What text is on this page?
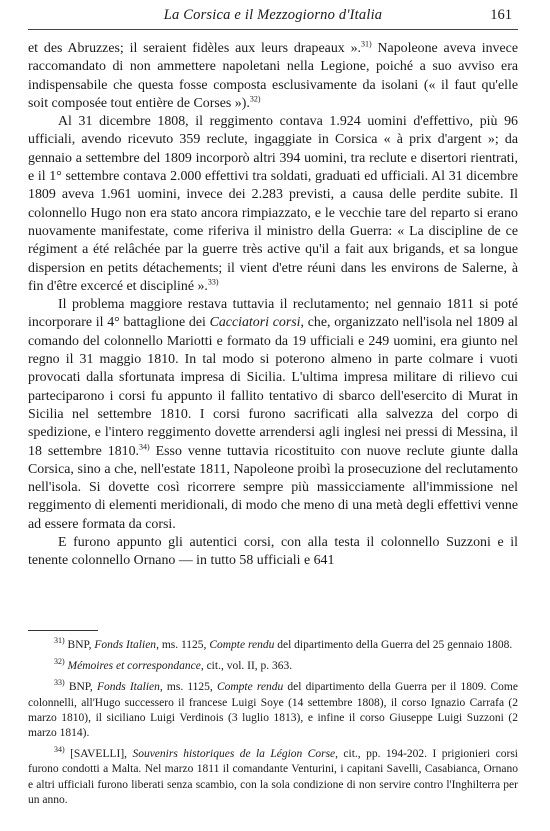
La Corsica e il Mezzogiorno d'Italia	161

et des Abruzzes; il seraient fidèles aux leurs drapeaux ».$^{31)}$ Napoleone aveva invece raccomandato di non ammettere napoletani nella Legione, poiché a suo avviso era indispensabile che questa fosse composta esclusivamente da isolani (« il faut qu'elle soit composée tout entière de Corses »).$^{32)}$

Al 31 dicembre 1808, il reggimento contava 1.924 uomini d'effettivo, più 96 ufficiali, avendo ricevuto 359 reclute, ingaggiate in Corsica « à prix d'argent »; da gennaio a settembre del 1809 incorporò altri 394 uomini, tra reclute e disertori rientrati, e il 1° settembre contava 2.000 effettivi tra soldati, graduati ed ufficiali. Al 31 dicembre 1809 aveva 1.961 uomini, invece dei 2.283 previsti, a causa delle perdite subite. Il colonnello Hugo non era stato ancora rimpiazzato, e le vecchie tare del reparto si erano nuovamente manifestate, come riferiva il ministro della Guerra: « La discipline de ce régiment a été relâchée par la guerre très active qu'il a fait aux brigands, et sa longue dispersion en petits détachements; il vient d'etre réuni dans les environs de Salerne, à fin d'être excercé et discipliné ».$^{33)}$

Il problema maggiore restava tuttavia il reclutamento; nel gennaio 1811 si poté incorporare il 4° battaglione dei Cacciatori corsi, che, organizzato nell'isola nel 1809 al comando del colonnello Mariotti e formato da 19 ufficiali e 249 uomini, era giunto nel regno il 31 maggio 1810. In tal modo si poterono almeno in parte colmare i vuoti provocati dalla sfortunata impresa di Sicilia. L'ultima impresa militare di rilievo cui parteciparono i corsi fu appunto il fallito tentativo di sbarco dell'esercito di Murat in Sicilia nel settembre 1810. I corsi furono sacrificati alla salvezza del corpo di spedizione, e l'intero reggimento dovette arrendersi agli inglesi nei pressi di Messina, il 18 settembre 1810.$^{34)}$ Esso venne tuttavia ricostituito con nuove reclute giunte dalla Corsica, sino a che, nell'estate 1811, Napoleone proibì la prosecuzione del reclutamento nell'isola. Si dovette così ricorrere sempre più massicciamente all'immissione nel reggimento di elementi meridionali, di modo che meno di una metà degli effettivi venne ad essere formata da corsi.

E furono appunto gli autentici corsi, con alla testa il colonnello Suzzoni e il tenente colonnello Ornano — in tutto 58 ufficiali e 641

$^{31)}$ BNP, Fonds Italien, ms. 1125, Compte rendu del dipartimento della Guerra del 25 gennaio 1808.

$^{32)}$ Mémoires et correspondance, cit., vol. II, p. 363.

$^{33)}$ BNP, Fonds Italien, ms. 1125, Compte rendu del dipartimento della Guerra per il 1809. Come colonnelli, all'Hugo successero il francese Luigi Soye (14 settembre 1808), il corso Ignazio Carrafa (2 marzo 1810), il siciliano Luigi Verdinois (3 luglio 1813), e infine il corso Giuseppe Luigi Suzzoni (2 marzo 1814).

$^{34)}$ [SAVELLI], Souvenirs historiques de la Légion Corse, cit., pp. 194-202. I prigionieri corsi furono condotti a Malta. Nel marzo 1811 il comandante Venturini, i capitani Savelli, Casabianca, Ornano e altri ufficiali furono liberati senza scambio, con la sola condizione di non servire contro l'Inghilterra per un anno.
